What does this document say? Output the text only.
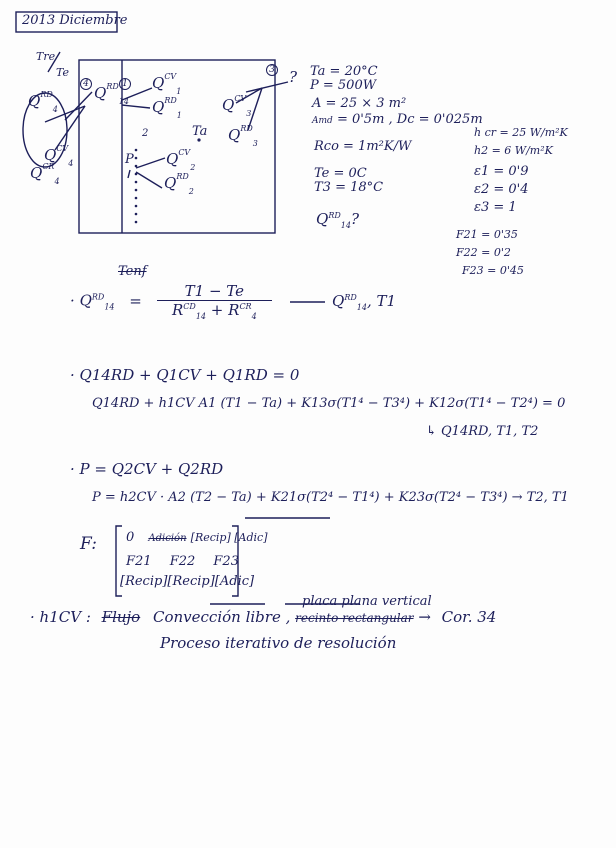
2013 Diciembre
Tre
Te
$Q^{RD}_4$
$Q^{RD}_{14}$
$Q^{CV}_1$
$Q^{RD}_1$
$Q^{CV}_3$
$Q^{RD}_3$
Ta
P $Q^{CV}_2$
$Q^{RD}_2$
$Q^{CV}_4$
$Q^{CR}_4$
4	1
3
2
? Ta = 20°C
P = 500W
A = 25 × 3 m²
Amd = 0'5m , Dc = 0'025m
Rco = 1m²K/W
Te = 0C
T3 = 18°C
$Q^{RD}_{14}$?
h cr = 25 W/m²K
h2 = 6 W/m²K
ε1 = 0'9
ε2 = 0'4
ε3 = 1
F21 = 0'35
F22 = 0'2
F23 = 0'45
Tenf
· $Q^{RD}_{14} = \frac{T1 - Te}{R^{CD}_{14} + R^{CR}_4}$	$Q^{RD}_{14}$, T1
· Q14RD + Q1CV + Q1RD = 0
Q14RD + h1CV A1 (T1 − Ta) + K13σ(T1⁴ − T3⁴) + K12σ(T1⁴ − T2⁴) = 0
↳ Q14RD, T1, T2
· P = Q2CV + Q2RD
P = h2CV · A2 (T2 − Ta) + K21σ(T2⁴ − T1⁴) + K23σ(T2⁴ − T3⁴) → T2, T1
F: 0 Adición [Recip] [Adic]
F21 F22 F23
[Recip][Recip][Adic]
· h1CV : Flujo Convección libre , recinto rectangular → Cor. 34
placa plana vertical
Proceso iterativo de resolución
